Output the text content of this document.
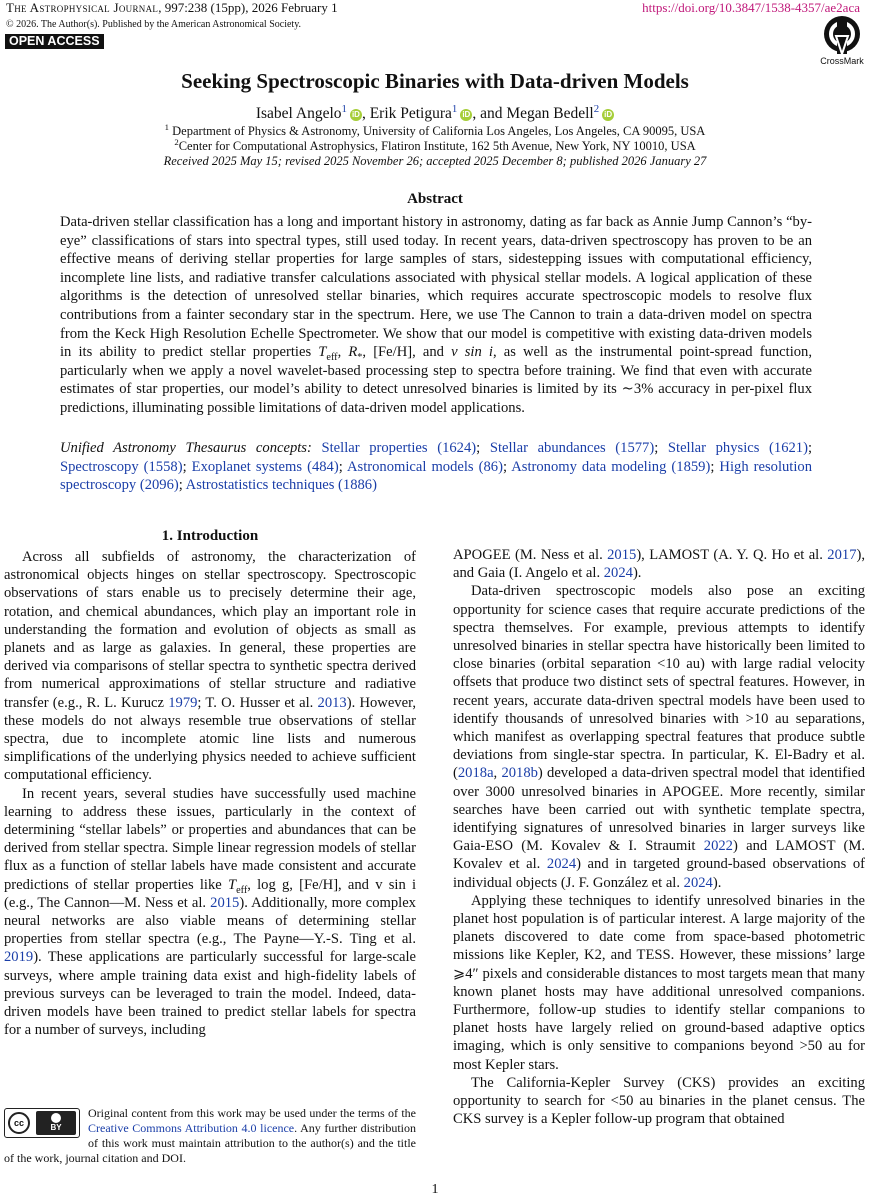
The Astrophysical Journal, 997:238 (15pp), 2026 February 1	https://doi.org/10.3847/1538-4357/ae2aca
© 2026. The Author(s). Published by the American Astronomical Society.
OPEN ACCESS
CrossMark
Seeking Spectroscopic Binaries with Data-driven Models
Isabel Angelo$^1$ iD , Erik Petigura$^1$ iD , and Megan Bedell$^2$ iD
$^1$ Department of Physics & Astronomy, University of California Los Angeles, Los Angeles, CA 90095, USA
$^2$Center for Computational Astrophysics, Flatiron Institute, 162 5th Avenue, New York, NY 10010, USA
Received 2025 May 15; revised 2025 November 26; accepted 2025 December 8; published 2026 January 27
Abstract
Data-driven stellar classification has a long and important history in astronomy, dating as far back as Annie Jump Cannon’s “by-eye” classifications of stars into spectral types, still used today. In recent years, data-driven spectroscopy has proven to be an effective means of deriving stellar properties for large samples of stars, sidestepping issues with computational efficiency, incomplete line lists, and radiative transfer calculations associated with physical stellar models. A logical application of these algorithms is the detection of unresolved stellar binaries, which requires accurate spectroscopic models to resolve flux contributions from a fainter secondary star in the spectrum. Here, we use The Cannon to train a data-driven model on spectra from the Keck High Resolution Echelle Spectrometer. We show that our model is competitive with existing data-driven models in its ability to predict stellar properties $T_{eff}$, $R_*$, [Fe/H], and v sin i, as well as the instrumental point-spread function, particularly when we apply a novel wavelet-based processing step to spectra before training. We find that even with accurate estimates of star properties, our model’s ability to detect unresolved binaries is limited by its ∼3% accuracy in per-pixel flux predictions, illuminating possible limitations of data-driven model applications.
Unified Astronomy Thesaurus concepts: Stellar properties (1624); Stellar abundances (1577); Stellar physics (1621); Spectroscopy (1558); Exoplanet systems (484); Astronomical models (86); Astronomy data modeling (1859); High resolution spectroscopy (2096); Astrostatistics techniques (1886)
1. Introduction

Across all subfields of astronomy, the characterization of astronomical objects hinges on stellar spectroscopy. Spectroscopic observations of stars enable us to precisely determine their age, rotation, and chemical abundances, which play an important role in understanding the formation and evolution of objects as small as planets and as large as galaxies. In general, these properties are derived via comparisons of stellar spectra to synthetic spectra derived from numerical approximations of stellar structure and radiative transfer (e.g., R. L. Kurucz 1979; T. O. Husser et al. 2013). However, these models do not always resemble true observations of stellar spectra, due to incomplete atomic line lists and numerous simplifications of the underlying physics needed to achieve sufficient computational efficiency.

In recent years, several studies have successfully used machine learning to address these issues, particularly in the context of determining “stellar labels” or properties and abundances that can be derived from stellar spectra. Simple linear regression models of stellar flux as a function of stellar labels have made consistent and accurate predictions of stellar properties like $T_{eff}$, log g, [Fe/H], and v sin i (e.g., The Cannon—M. Ness et al. 2015). Additionally, more complex neural networks are also viable means of determining stellar properties from stellar spectra (e.g., The Payne—Y.-S. Ting et al. 2019). These applications are particularly successful for large-scale surveys, where ample training data exist and high-fidelity labels of previous surveys can be leveraged to train the model. Indeed, data-driven models have been trained to predict stellar labels for spectra for a number of surveys, including

APOGEE (M. Ness et al. 2015), LAMOST (A. Y. Q. Ho et al. 2017), and Gaia (I. Angelo et al. 2024).

Data-driven spectroscopic models also pose an exciting opportunity for science cases that require accurate predictions of the spectra themselves. For example, previous attempts to identify unresolved binaries in stellar spectra have historically been limited to close binaries (orbital separation <10 au) with large radial velocity offsets that produce two distinct sets of spectral features. However, in recent years, accurate data-driven spectral models have been used to identify thousands of unresolved binaries with >10 au separations, which manifest as overlapping spectral features that produce subtle deviations from single-star spectra. In particular, K. El-Badry et al. (2018a, 2018b) developed a data-driven spectral model that identified over 3000 unresolved binaries in APOGEE. More recently, similar searches have been carried out with synthetic template spectra, identifying signatures of unresolved binaries in larger surveys like Gaia-ESO (M. Kovalev & I. Straumit 2022) and LAMOST (M. Kovalev et al. 2024) and in targeted ground-based observations of individual objects (J. F. González et al. 2024).

Applying these techniques to identify unresolved binaries in the planet host population is of particular interest. A large majority of the planets discovered to date come from space-based photometric missions like Kepler, K2, and TESS. However, these missions’ large ⩾4″ pixels and considerable distances to most targets mean that many known planet hosts may have additional unresolved companions. Furthermore, follow-up studies to identify stellar companions to planet hosts have largely relied on ground-based adaptive optics imaging, which is only sensitive to companions beyond >50 au for most Kepler stars.

The California-Kepler Survey (CKS) provides an exciting opportunity to search for <50 au binaries in the planet census. The CKS survey is a Kepler follow-up program that obtained

cc	BY
Original content from this work may be used under the terms of the Creative Commons Attribution 4.0 licence. Any further distribution of this work must maintain attribution to the author(s) and the title of the work, journal citation and DOI.
1
